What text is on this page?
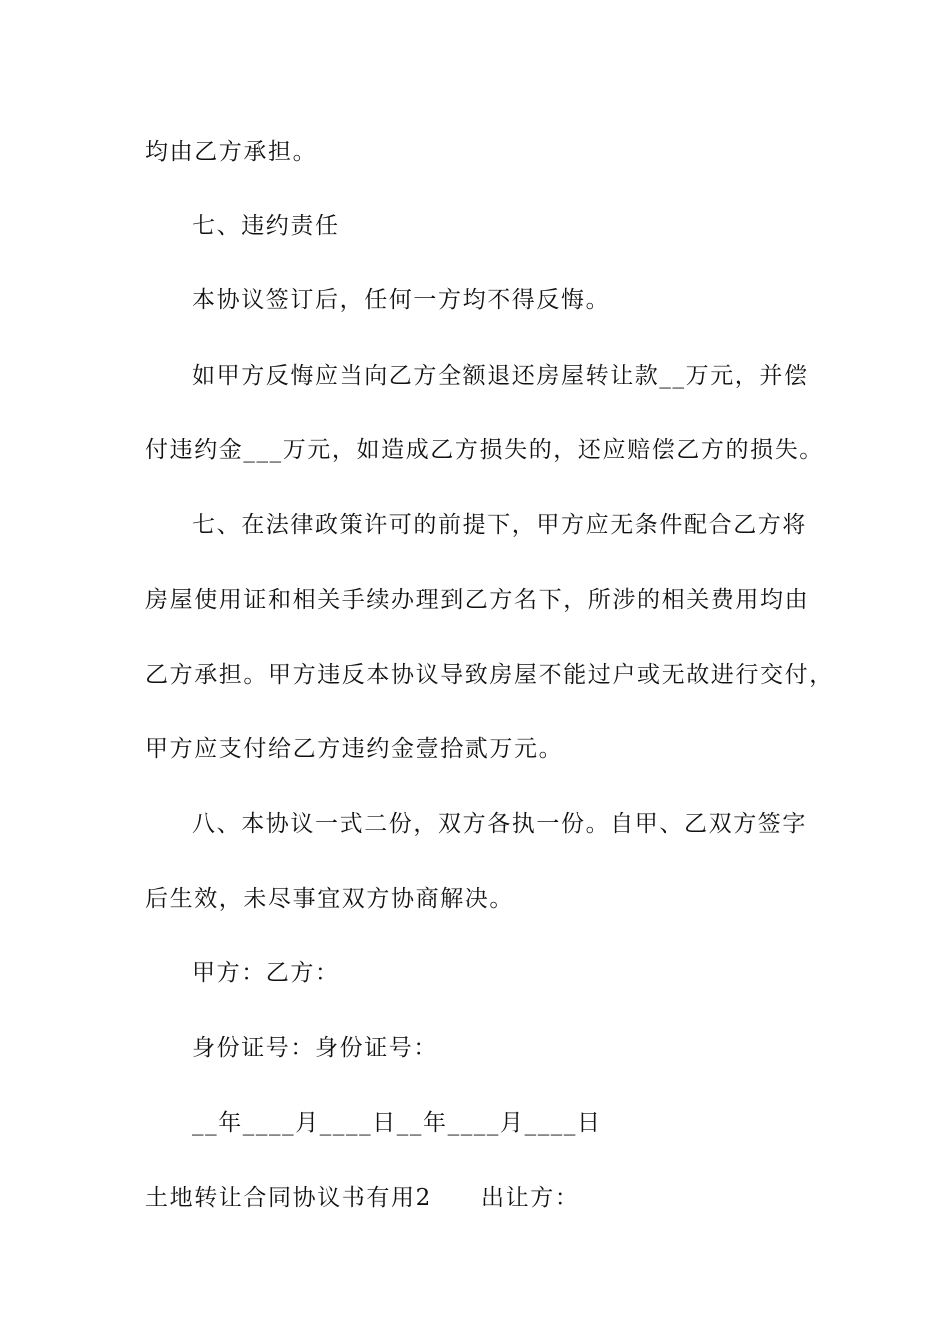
均由乙方承担。
七、违约责任
本协议签订后，任何一方均不得反悔。
如甲方反悔应当向乙方全额退还房屋转让款__万元，并偿
付违约金___万元，如造成乙方损失的，还应赔偿乙方的损失。
七、在法律政策许可的前提下，甲方应无条件配合乙方将
房屋使用证和相关手续办理到乙方名下，所涉的相关费用均由
乙方承担。甲方违反本协议导致房屋不能过户或无故进行交付，
甲方应支付给乙方违约金壹拾贰万元。
八、本协议一式二份，双方各执一份。自甲、乙双方签字
后生效，未尽事宜双方协商解决。
甲方：乙方：
身份证号：身份证号：
__年____月____日__年____月____日
土地转让合同协议书有用2　　出让方：
